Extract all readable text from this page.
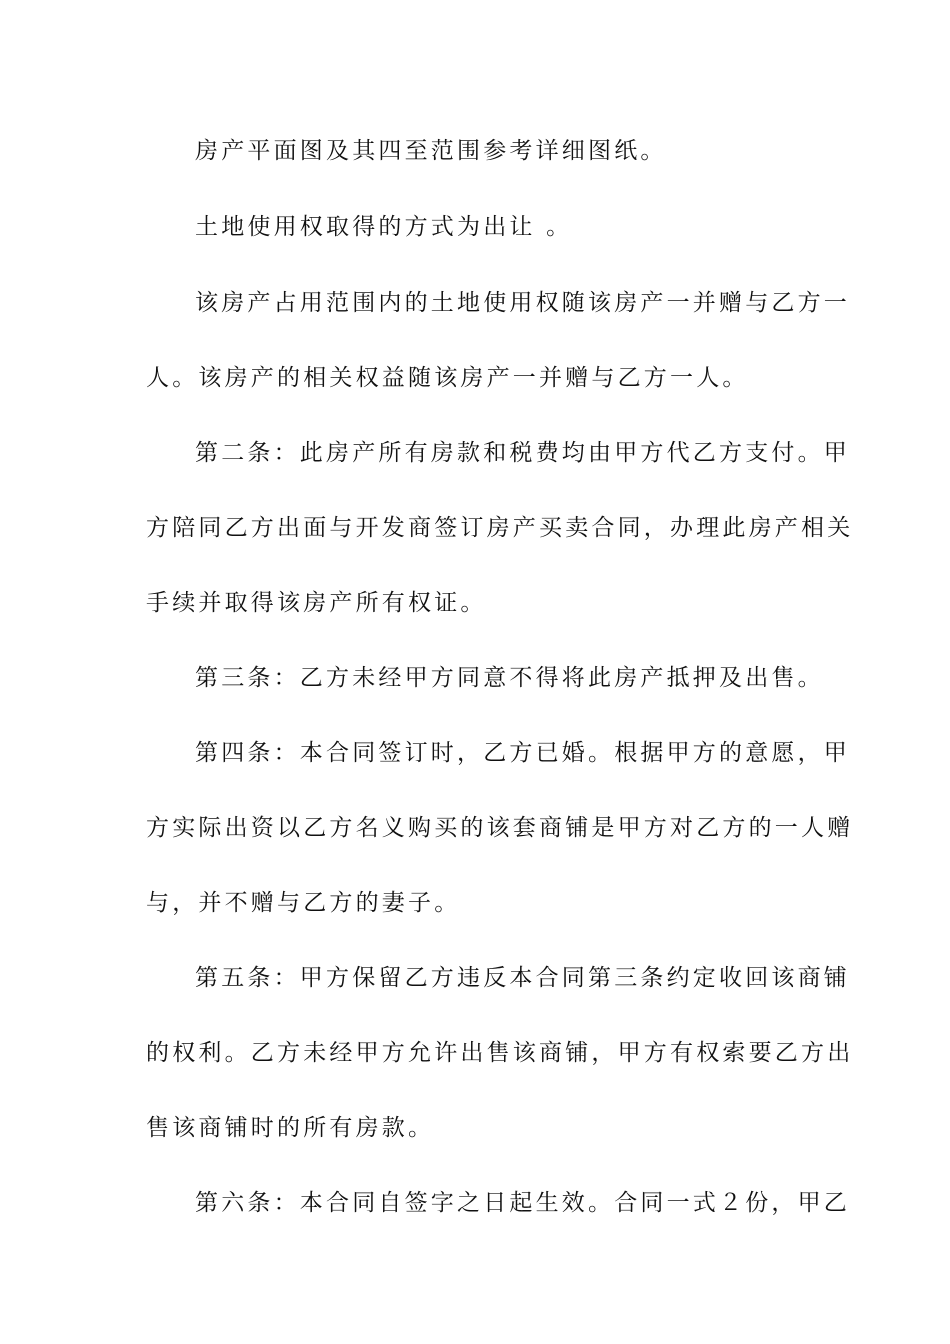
房产平面图及其四至范围参考详细图纸。
土地使用权取得的方式为出让 。
该房产占用范围内的土地使用权随该房产一并赠与乙方一
人。该房产的相关权益随该房产一并赠与乙方一人。
第二条：此房产所有房款和税费均由甲方代乙方支付。甲
方陪同乙方出面与开发商签订房产买卖合同，办理此房产相关
手续并取得该房产所有权证。
第三条：乙方未经甲方同意不得将此房产抵押及出售。
第四条：本合同签订时，乙方已婚。根据甲方的意愿，甲
方实际出资以乙方名义购买的该套商铺是甲方对乙方的一人赠
与，并不赠与乙方的妻子。
第五条：甲方保留乙方违反本合同第三条约定收回该商铺
的权利。乙方未经甲方允许出售该商铺，甲方有权索要乙方出
售该商铺时的所有房款。
第六条：本合同自签字之日起生效。合同一式２份，甲乙
